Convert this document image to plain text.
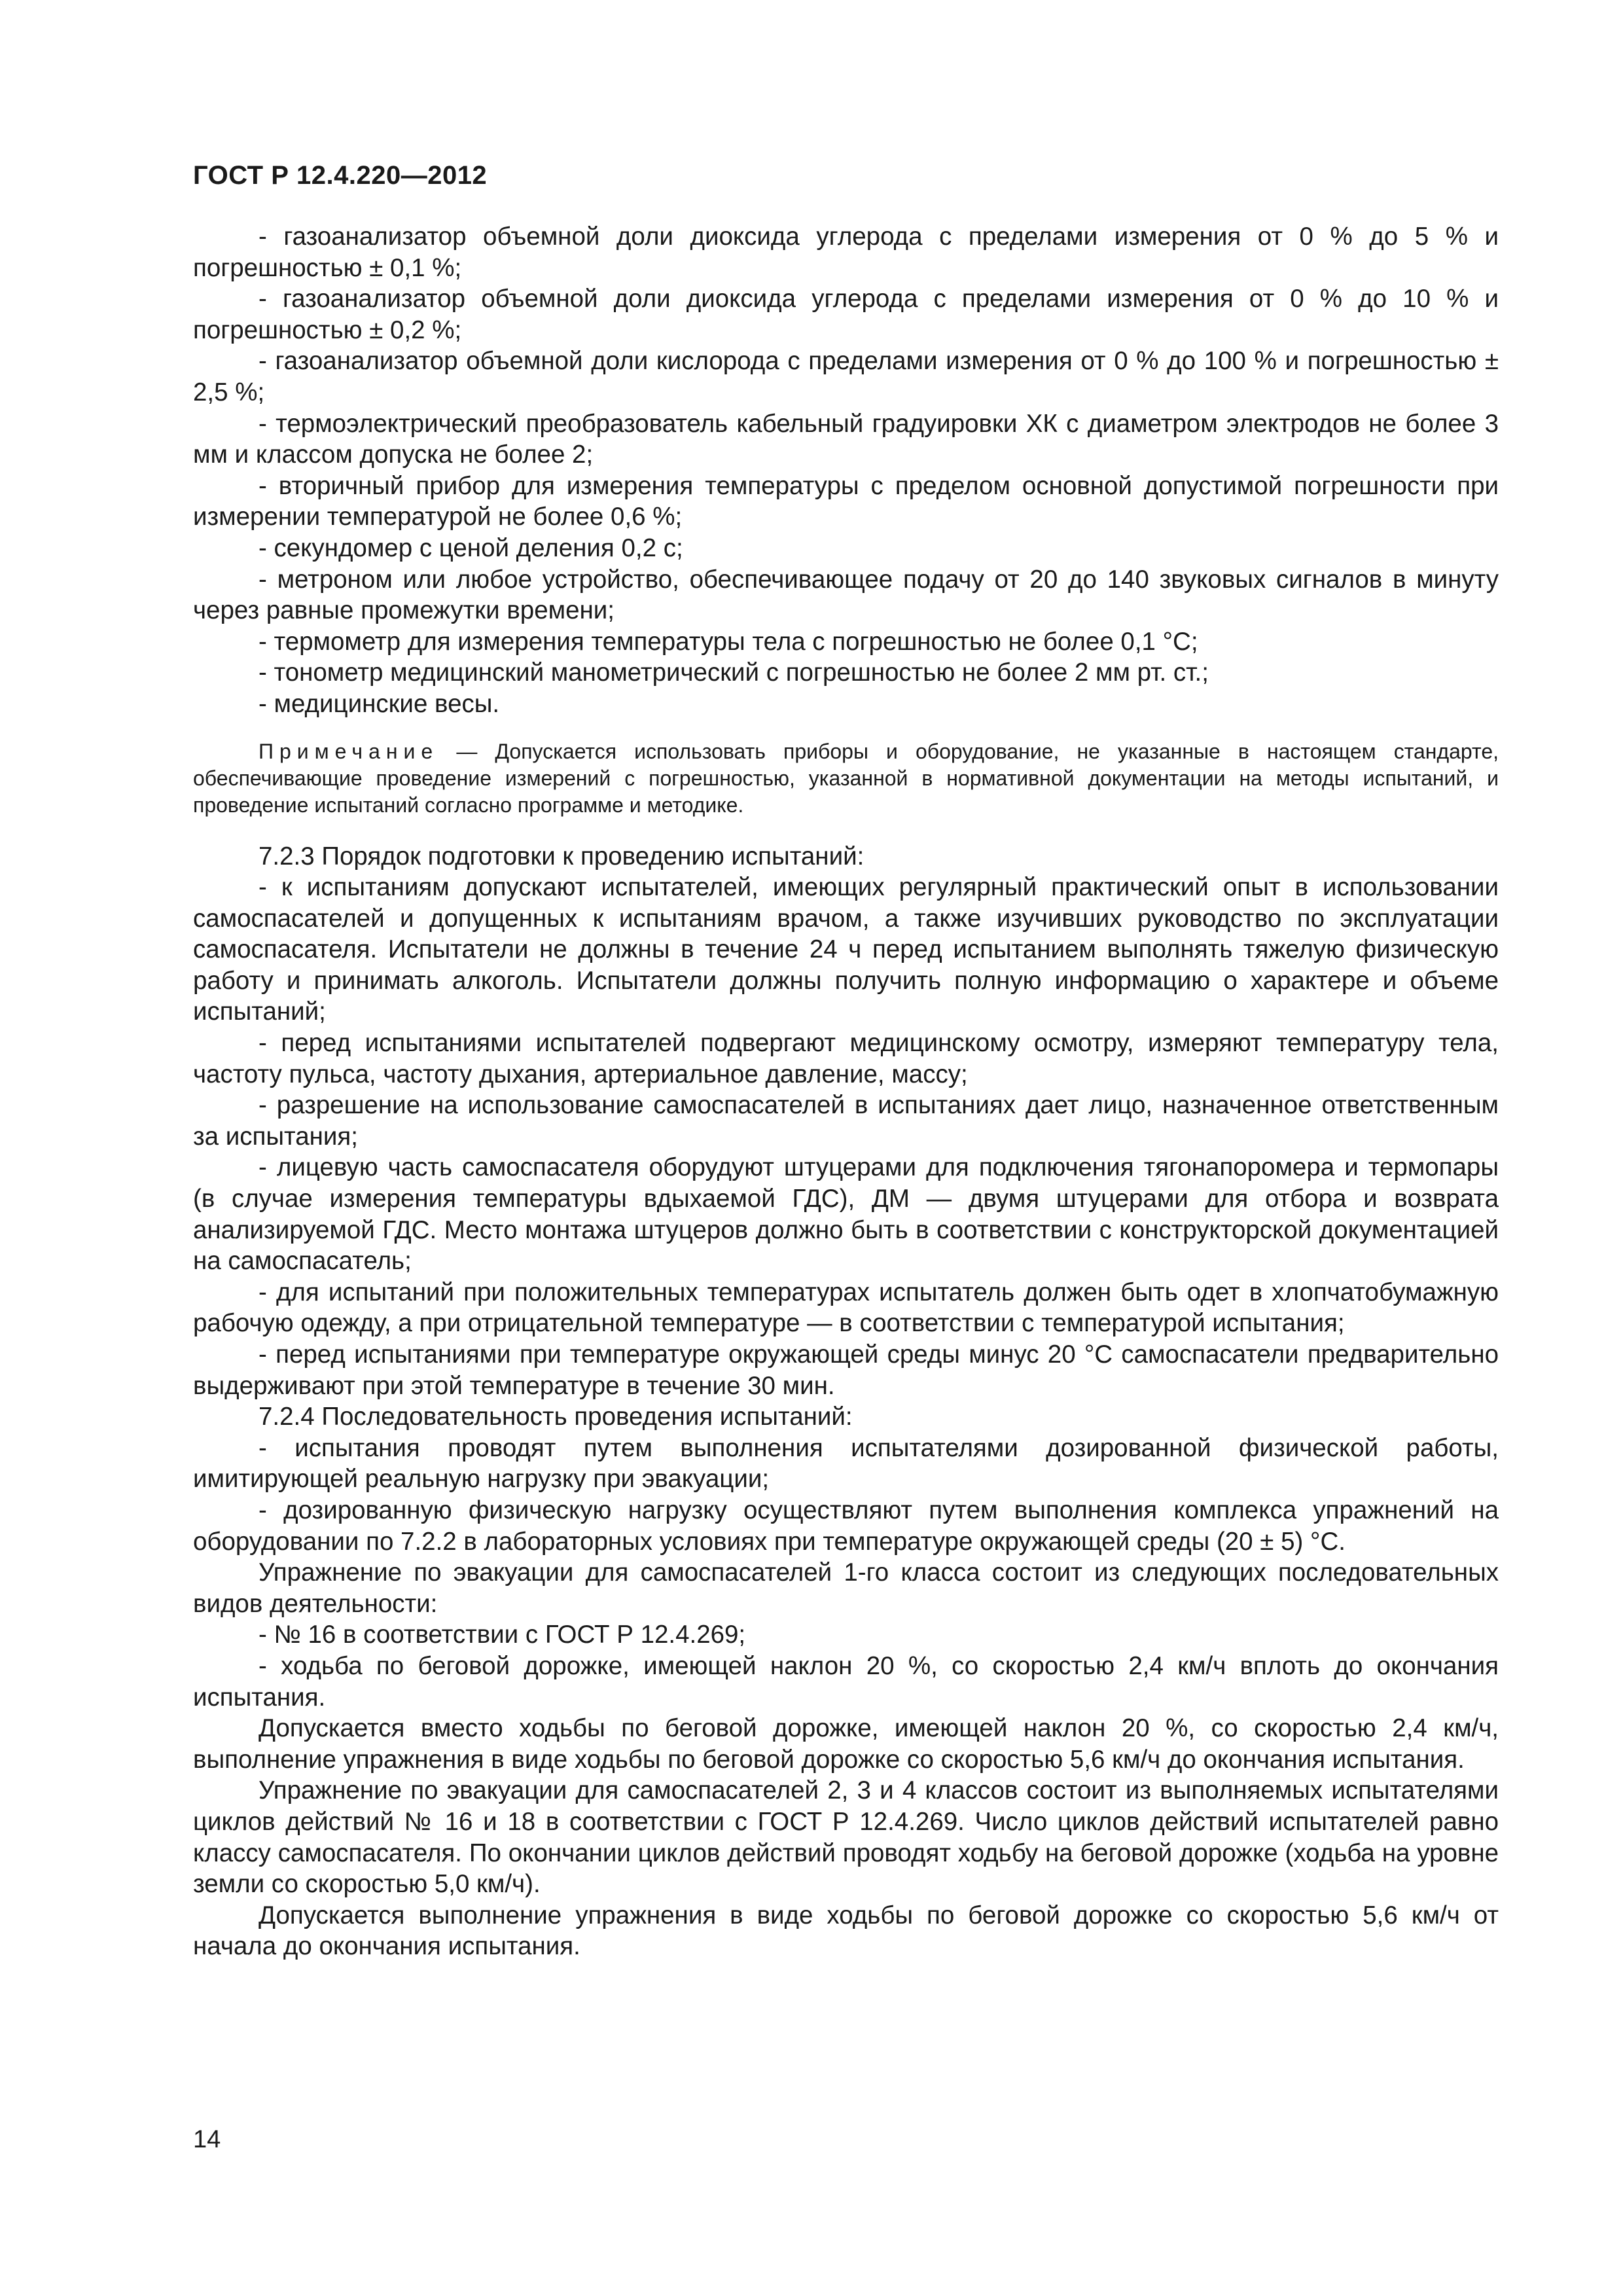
ГОСТ Р 12.4.220—2012

- газоанализатор объемной доли диоксида углерода с пределами измерения от 0 % до 5 % и погрешностью ± 0,1 %;

- газоанализатор объемной доли диоксида углерода с пределами измерения от 0 % до 10 % и погрешностью ± 0,2 %;

- газоанализатор объемной доли кислорода с пределами измерения от 0 % до 100 % и погрешностью ± 2,5 %;

- термоэлектрический преобразователь кабельный градуировки ХК с диаметром электродов не более 3 мм и классом допуска не более 2;

- вторичный прибор для измерения температуры с пределом основной допустимой погрешности при измерении температурой не более 0,6 %;

- секундомер с ценой деления 0,2 с;

- метроном или любое устройство, обеспечивающее подачу от 20 до 140 звуковых сигналов в минуту через равные промежутки времени;

- термометр для измерения температуры тела с погрешностью не более 0,1 °С;

- тонометр медицинский манометрический с погрешностью не более 2 мм рт. ст.;

- медицинские весы.

Примечание — Допускается использовать приборы и оборудование, не указанные в настоящем стандарте, обеспечивающие проведение измерений с погрешностью, указанной в нормативной документации на методы испытаний, и проведение испытаний согласно программе и методике.

7.2.3 Порядок подготовки к проведению испытаний:

- к испытаниям допускают испытателей, имеющих регулярный практический опыт в использовании самоспасателей и допущенных к испытаниям врачом, а также изучивших руководство по эксплуатации самоспасателя. Испытатели не должны в течение 24 ч перед испытанием выполнять тяжелую физическую работу и принимать алкоголь. Испытатели должны получить полную информацию о характере и объеме испытаний;

- перед испытаниями испытателей подвергают медицинскому осмотру, измеряют температуру тела, частоту пульса, частоту дыхания, артериальное давление, массу;

- разрешение на использование самоспасателей в испытаниях дает лицо, назначенное ответственным за испытания;

- лицевую часть самоспасателя оборудуют штуцерами для подключения тягонапоромера и термопары (в случае измерения температуры вдыхаемой ГДС), ДМ — двумя штуцерами для отбора и возврата анализируемой ГДС. Место монтажа штуцеров должно быть в соответствии с конструкторской документацией на самоспасатель;

- для испытаний при положительных температурах испытатель должен быть одет в хлопчатобумажную рабочую одежду, а при отрицательной температуре — в соответствии с температурой испытания;

- перед испытаниями при температуре окружающей среды минус 20 °С самоспасатели предварительно выдерживают при этой температуре в течение 30 мин.

7.2.4 Последовательность проведения испытаний:

- испытания проводят путем выполнения испытателями дозированной физической работы, имитирующей реальную нагрузку при эвакуации;

- дозированную физическую нагрузку осуществляют путем выполнения комплекса упражнений на оборудовании по 7.2.2 в лабораторных условиях при температуре окружающей среды (20 ± 5) °С.

Упражнение по эвакуации для самоспасателей 1-го класса состоит из следующих последовательных видов деятельности:

- № 16 в соответствии с ГОСТ Р 12.4.269;

- ходьба по беговой дорожке, имеющей наклон 20 %, со скоростью 2,4 км/ч вплоть до окончания испытания.

Допускается вместо ходьбы по беговой дорожке, имеющей наклон 20 %, со скоростью 2,4 км/ч, выполнение упражнения в виде ходьбы по беговой дорожке со скоростью 5,6 км/ч до окончания испытания.

Упражнение по эвакуации для самоспасателей 2, 3 и 4 классов состоит из выполняемых испытателями циклов действий № 16 и 18 в соответствии с ГОСТ Р 12.4.269. Число циклов действий испытателей равно классу самоспасателя. По окончании циклов действий проводят ходьбу на беговой дорожке (ходьба на уровне земли со скоростью 5,0 км/ч).

Допускается выполнение упражнения в виде ходьбы по беговой дорожке со скоростью 5,6 км/ч от начала до окончания испытания.

14
